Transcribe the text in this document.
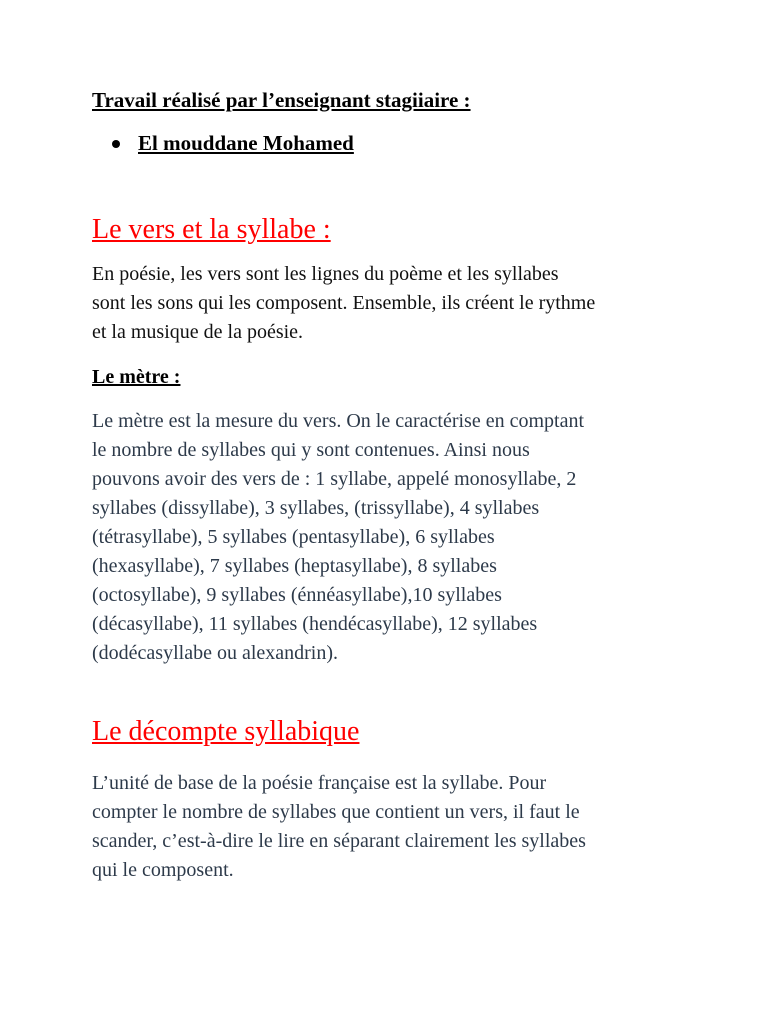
Travail réalisé par l’enseignant stagiiaire :
El mouddane Mohamed
Le vers et la syllabe :
En poésie, les vers sont les lignes du poème et les syllabes
sont les sons qui les composent. Ensemble, ils créent le rythme
et la musique de la poésie.
Le mètre :
Le mètre est la mesure du vers. On le caractérise en comptant
le nombre de syllabes qui y sont contenues. Ainsi nous
pouvons avoir des vers de : 1 syllabe, appelé monosyllabe, 2
syllabes (dissyllabe), 3 syllabes, (trissyllabe), 4 syllabes
(tétrasyllabe), 5 syllabes (pentasyllabe), 6 syllabes
(hexasyllabe), 7 syllabes (heptasyllabe), 8 syllabes
(octosyllabe), 9 syllabes (énnéasyllabe),10 syllabes
(décasyllabe), 11 syllabes (hendécasyllabe), 12 syllabes
(dodécasyllabe ou alexandrin).
Le décompte syllabique
L’unité de base de la poésie française est la syllabe. Pour
compter le nombre de syllabes que contient un vers, il faut le
scander, c’est-à-dire le lire en séparant clairement les syllabes
qui le composent.
